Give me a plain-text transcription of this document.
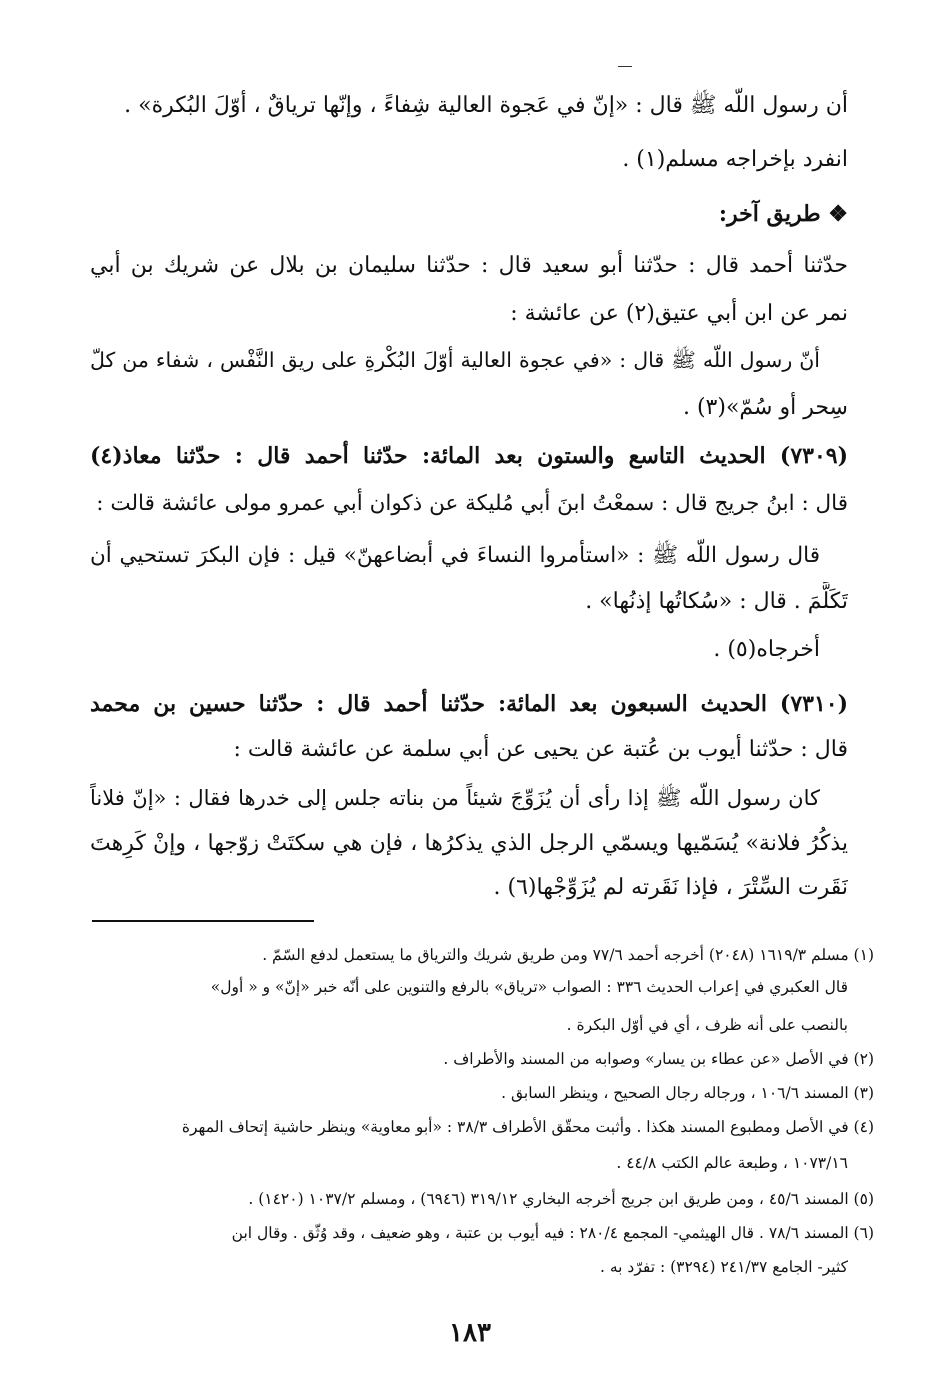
أن رسول اللّه ﷺ قال : «إنّ في عَجوة العالية شِفاءً ، وإنّها ترياقٌ ، أوّلَ البُكرة» .
انفرد بإخراجه مسلم(١) .
❖ طريق آخر:
حدّثنا أحمد قال : حدّثنا أبو سعيد قال : حدّثنا سليمان بن بلال عن شريك بن أبي
نمر عن ابن أبي عتيق(٢) عن عائشة :
أنّ رسول اللّه ﷺ قال : «في عجوة العالية أوّلَ البُكْرةِ على ريق النَّفْس ، شفاء من كلّ
سِحر أو سُمّ»(٣) .
(٧٣٠٩) الحديث التاسع والستون بعد المائة: حدّثنا أحمد قال : حدّثنا معاذ(٤)
قال : ابنُ جريج قال : سمعْتُ ابنَ أبي مُليكة عن ذكوان أبي عمرو مولى عائشة قالت :
قال رسول اللّه ﷺ : «استأمروا النساءَ في أبضاعهنّ» قيل : فإن البكرَ تستحيي أن
تَكَلَّمَ . قال : «سُكاتُها إذنُها» .
أخرجاه(٥) .
(٧٣١٠) الحديث السبعون بعد المائة: حدّثنا أحمد قال : حدّثنا حسين بن محمد
قال : حدّثنا أيوب بن عُتبة عن يحيى عن أبي سلمة عن عائشة قالت :
كان رسول اللّه ﷺ إذا رأى أن يُزَوِّجَ شيئاً من بناته جلس إلى خدرها فقال : «إنّ فلاناً
يذكُرُ فلانة» يُسَمّيها ويسمّي الرجل الذي يذكرُها ، فإن هي سكتَتْ زوّجها ، وإنْ كَرِهتَ
نَقَرت السِّتْرَ ، فإذا نَقَرته لم يُزَوِّجْها(٦) .
(١) مسلم ١٦١٩/٣ (٢٠٤٨) أخرجه أحمد ٧٧/٦ ومن طريق شريك والترياق ما يستعمل لدفع السّمّ .
قال العكبري في إعراب الحديث ٣٣٦ : الصواب «ترياق» بالرفع والتنوين على أنّه خبر «إنّ» و « أول»
بالنصب على أنه ظرف ، أي في أوّل البكرة .
(٢) في الأصل «عن عطاء بن يسار» وصوابه من المسند والأطراف .
(٣) المسند ١٠٦/٦ ، ورجاله رجال الصحيح ، وينظر السابق .
(٤) في الأصل ومطبوع المسند هكذا . وأثبت محقّق الأطراف ٣٨/٣ : «أبو معاوية» وينظر حاشية إتحاف المهرة
١٠٧٣/١٦ ، وطبعة عالم الكتب ٤٤/٨ .
(٥) المسند ٤٥/٦ ، ومن طريق ابن جريج أخرجه البخاري ٣١٩/١٢ (٦٩٤٦) ، ومسلم ١٠٣٧/٢ (١٤٢٠) .
(٦) المسند ٧٨/٦ . قال الهيثمي- المجمع ٢٨٠/٤ : فيه أيوب بن عتبة ، وهو ضعيف ، وقد وُثّق . وقال ابن
كثير- الجامع ٢٤١/٣٧ (٣٢٩٤) : تفرّد به .
١٨٣
